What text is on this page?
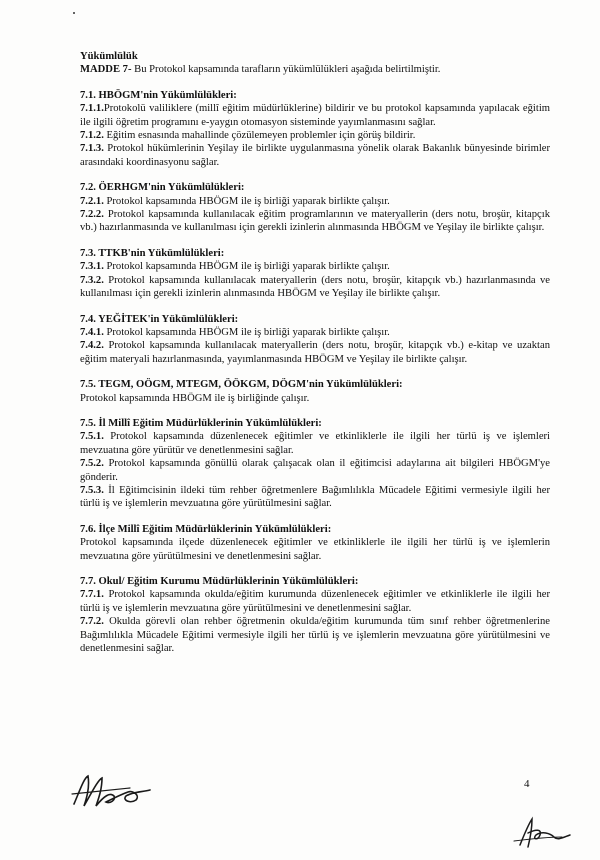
Yükümlülük

MADDE 7- Bu Protokol kapsamında tarafların yükümlülükleri aşağıda belirtilmiştir.

7.1. HBÖGM'nin Yükümlülükleri:

7.1.1.Protokolü valiliklere (millî eğitim müdürlüklerine) bildirir ve bu protokol kapsamında yapılacak eğitim ile ilgili öğretim programını e-yaygın otomasyon sisteminde yayımlanmasını sağlar.

7.1.2. Eğitim esnasında mahallinde çözülemeyen problemler için görüş bildirir.

7.1.3. Protokol hükümlerinin Yeşilay ile birlikte uygulanmasına yönelik olarak Bakanlık bünyesinde birimler arasındaki koordinasyonu sağlar.

7.2. ÖERHGM'nin Yükümlülükleri:

7.2.1. Protokol kapsamında HBÖGM ile iş birliği yaparak birlikte çalışır.

7.2.2. Protokol kapsamında kullanılacak eğitim programlarının ve materyallerin (ders notu, broşür, kitapçık vb.) hazırlanmasında ve kullanılması için gerekli izinlerin alınmasında HBÖGM ve Yeşilay ile birlikte çalışır.

7.3. TTKB'nin Yükümlülükleri:

7.3.1. Protokol kapsamında HBÖGM ile iş birliği yaparak birlikte çalışır.

7.3.2. Protokol kapsamında kullanılacak materyallerin (ders notu, broşür, kitapçık vb.) hazırlanmasında ve kullanılması için gerekli izinlerin alınmasında HBÖGM ve Yeşilay ile birlikte çalışır.

7.4. YEĞİTEK'in Yükümlülükleri:

7.4.1. Protokol kapsamında HBÖGM ile iş birliği yaparak birlikte çalışır.

7.4.2. Protokol kapsamında kullanılacak materyallerin (ders notu, broşür, kitapçık vb.) e-kitap ve uzaktan eğitim materyali hazırlanmasında, yayımlanmasında HBÖGM ve Yeşilay ile birlikte çalışır.

7.5. TEGM, OÖGM, MTEGM, ÖÖKGM, DÖGM'nin Yükümlülükleri:

Protokol kapsamında HBÖGM ile iş birliğinde çalışır.

7.5. İl Millî Eğitim Müdürlüklerinin Yükümlülükleri:

7.5.1. Protokol kapsamında düzenlenecek eğitimler ve etkinliklerle ile ilgili her türlü iş ve işlemleri mevzuatına göre yürütür ve denetlenmesini sağlar.

7.5.2. Protokol kapsamında gönüllü olarak çalışacak olan il eğitimcisi adaylarına ait bilgileri HBÖGM'ye gönderir.

7.5.3. İl Eğitimcisinin ildeki tüm rehber öğretmenlere Bağımlılıkla Mücadele Eğitimi vermesiyle ilgili her türlü iş ve işlemlerin mevzuatına göre yürütülmesini sağlar.

7.6. İlçe Millî Eğitim Müdürlüklerinin Yükümlülükleri:

Protokol kapsamında ilçede düzenlenecek eğitimler ve etkinliklerle ile ilgili her türlü iş ve işlemlerin mevzuatına göre yürütülmesini ve denetlenmesini sağlar.

7.7. Okul/ Eğitim Kurumu Müdürlüklerinin Yükümlülükleri:

7.7.1. Protokol kapsamında okulda/eğitim kurumunda düzenlenecek eğitimler ve etkinliklerle ile ilgili her türlü iş ve işlemlerin mevzuatına göre yürütülmesini ve denetlenmesini sağlar.

7.7.2. Okulda görevli olan rehber öğretmenin okulda/eğitim kurumunda tüm sınıf rehber öğretmenlerine Bağımlılıkla Mücadele Eğitimi vermesiyle ilgili her türlü iş ve işlemlerin mevzuatına göre yürütülmesini ve denetlenmesini sağlar.

4
